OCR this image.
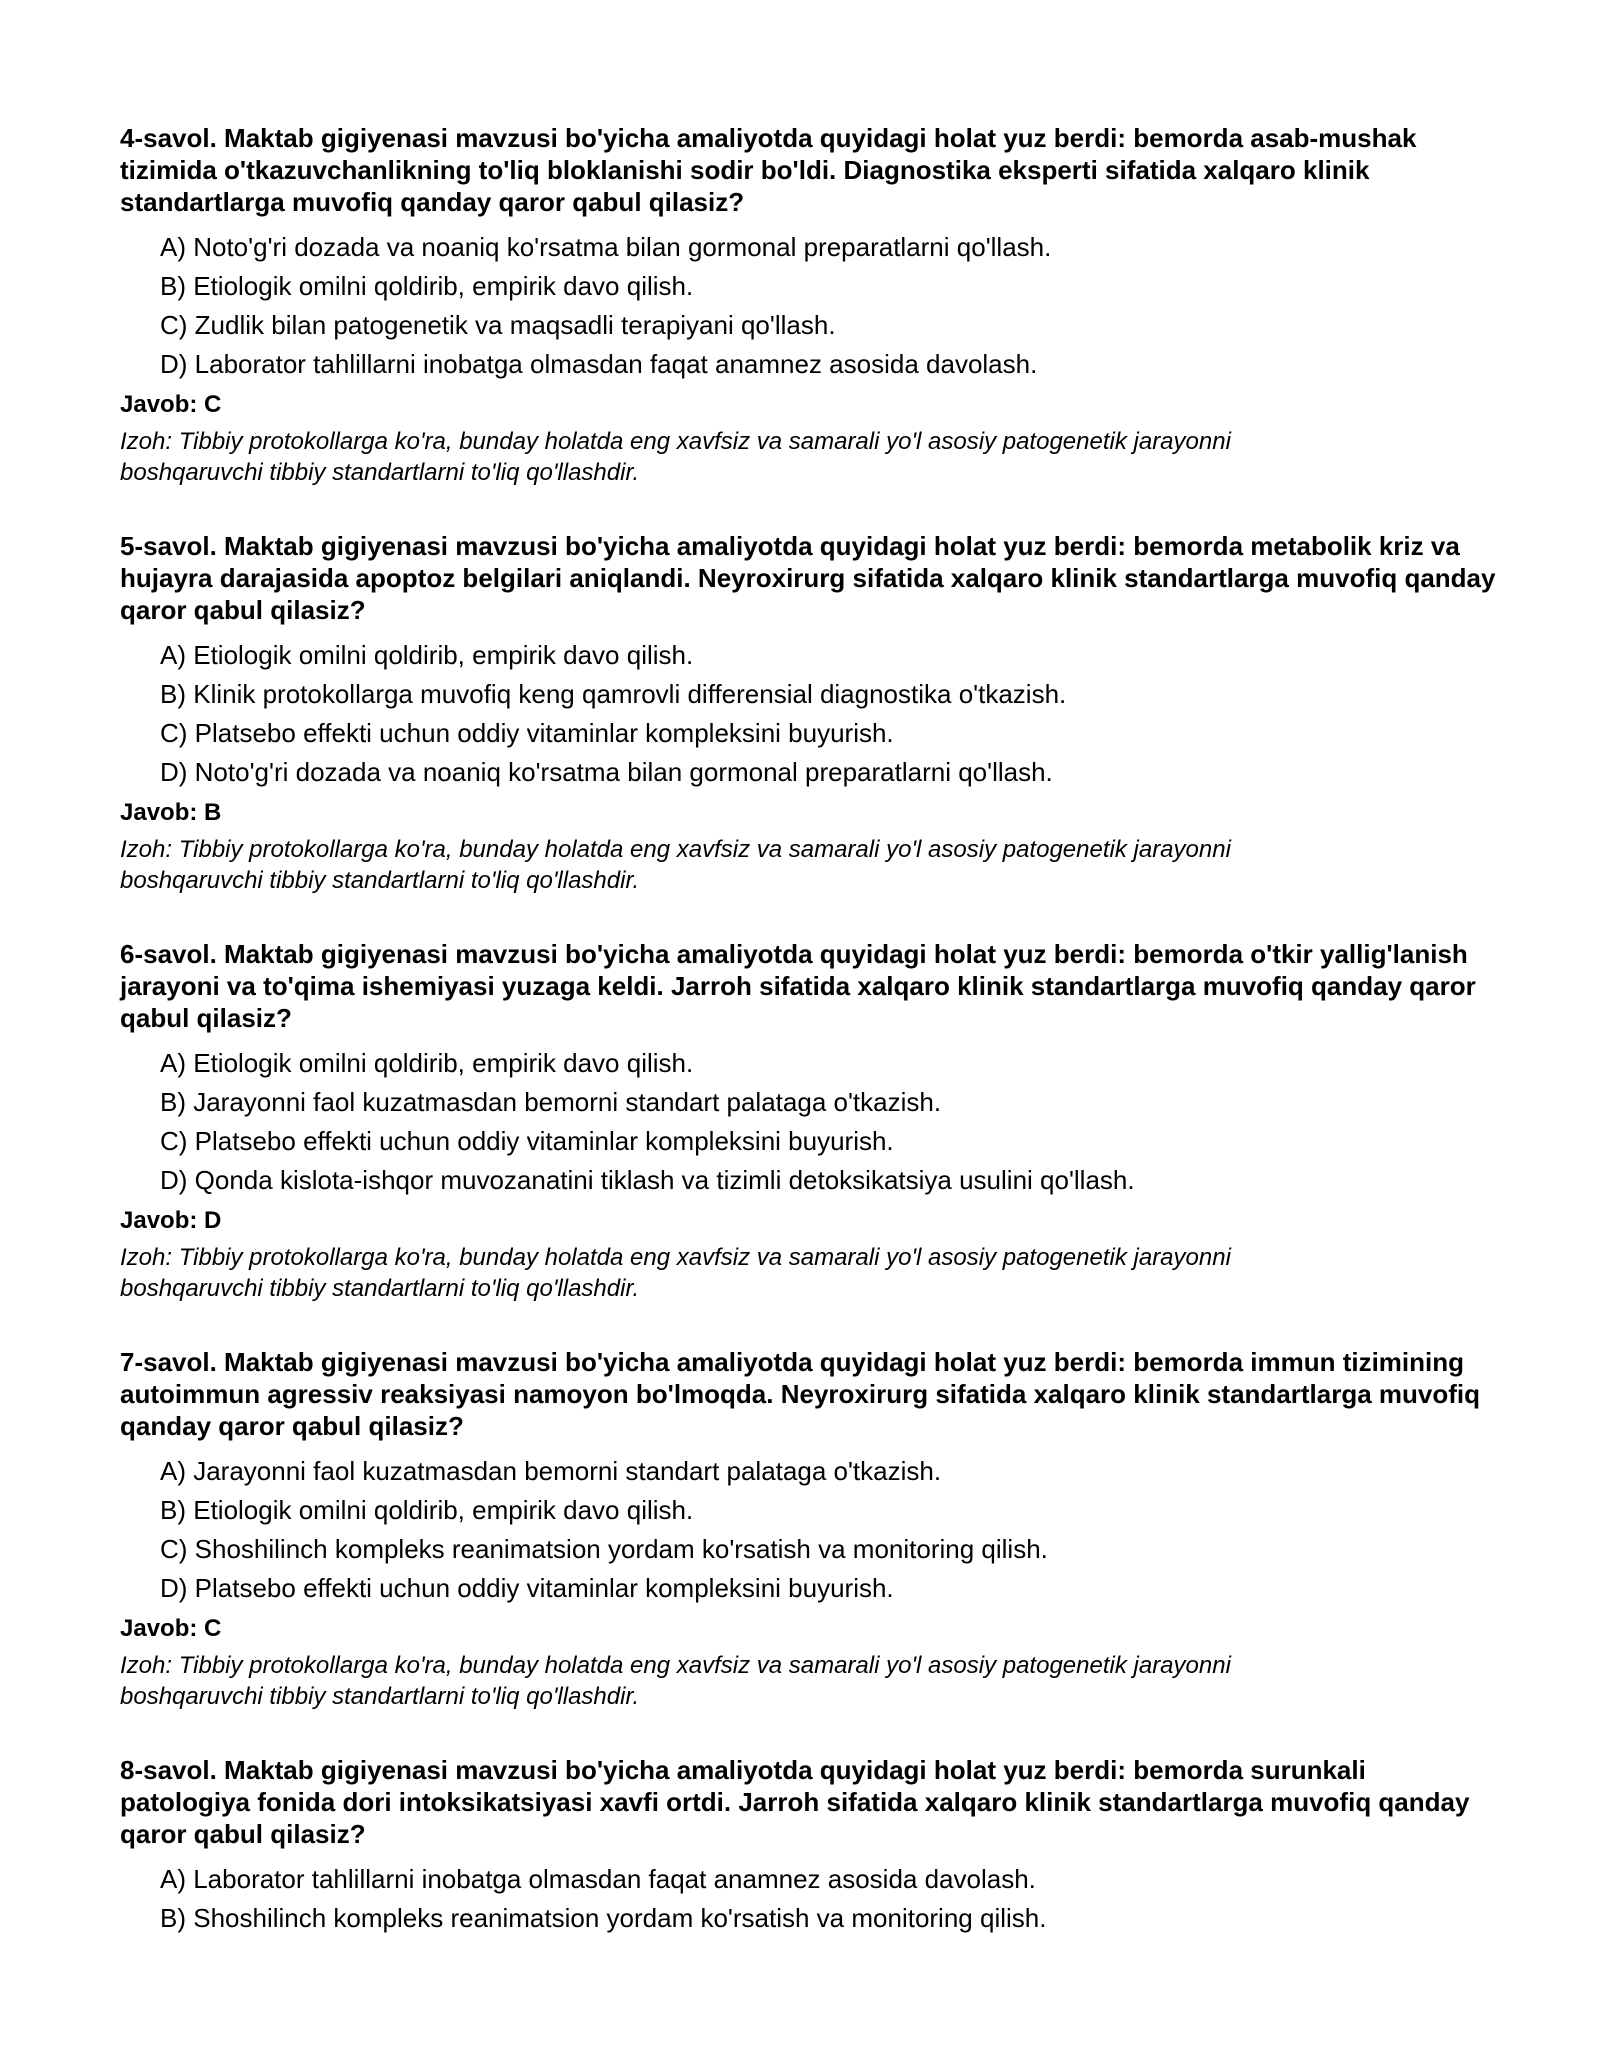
4-savol. Maktab gigiyenasi mavzusi bo'yicha amaliyotda quyidagi holat yuz berdi: bemorda asab-mushak tizimida o'tkazuvchanlikning to'liq bloklanishi sodir bo'ldi. Diagnostika eksperti sifatida xalqaro klinik standartlarga muvofiq qanday qaror qabul qilasiz?

A) Noto'g'ri dozada va noaniq ko'rsatma bilan gormonal preparatlarni qo'llash.
B) Etiologik omilni qoldirib, empirik davo qilish.
C) Zudlik bilan patogenetik va maqsadli terapiyani qo'llash.
D) Laborator tahlillarni inobatga olmasdan faqat anamnez asosida davolash.
Javob: C
Izoh: Tibbiy protokollarga ko'ra, bunday holatda eng xavfsiz va samarali yo'l asosiy patogenetik jarayonni boshqaruvchi tibbiy standartlarni to'liq qo'llashdir.

5-savol. Maktab gigiyenasi mavzusi bo'yicha amaliyotda quyidagi holat yuz berdi: bemorda metabolik kriz va hujayra darajasida apoptoz belgilari aniqlandi. Neyroxirurg sifatida xalqaro klinik standartlarga muvofiq qanday qaror qabul qilasiz?

A) Etiologik omilni qoldirib, empirik davo qilish.
B) Klinik protokollarga muvofiq keng qamrovli differensial diagnostika o'tkazish.
C) Platsebo effekti uchun oddiy vitaminlar kompleksini buyurish.
D) Noto'g'ri dozada va noaniq ko'rsatma bilan gormonal preparatlarni qo'llash.
Javob: B
Izoh: Tibbiy protokollarga ko'ra, bunday holatda eng xavfsiz va samarali yo'l asosiy patogenetik jarayonni boshqaruvchi tibbiy standartlarni to'liq qo'llashdir.

6-savol. Maktab gigiyenasi mavzusi bo'yicha amaliyotda quyidagi holat yuz berdi: bemorda o'tkir yallig'lanish jarayoni va to'qima ishemiyasi yuzaga keldi. Jarroh sifatida xalqaro klinik standartlarga muvofiq qanday qaror qabul qilasiz?

A) Etiologik omilni qoldirib, empirik davo qilish.
B) Jarayonni faol kuzatmasdan bemorni standart palataga o'tkazish.
C) Platsebo effekti uchun oddiy vitaminlar kompleksini buyurish.
D) Qonda kislota-ishqor muvozanatini tiklash va tizimli detoksikatsiya usulini qo'llash.
Javob: D
Izoh: Tibbiy protokollarga ko'ra, bunday holatda eng xavfsiz va samarali yo'l asosiy patogenetik jarayonni boshqaruvchi tibbiy standartlarni to'liq qo'llashdir.

7-savol. Maktab gigiyenasi mavzusi bo'yicha amaliyotda quyidagi holat yuz berdi: bemorda immun tizimining autoimmun agressiv reaksiyasi namoyon bo'lmoqda. Neyroxirurg sifatida xalqaro klinik standartlarga muvofiq qanday qaror qabul qilasiz?

A) Jarayonni faol kuzatmasdan bemorni standart palataga o'tkazish.
B) Etiologik omilni qoldirib, empirik davo qilish.
C) Shoshilinch kompleks reanimatsion yordam ko'rsatish va monitoring qilish.
D) Platsebo effekti uchun oddiy vitaminlar kompleksini buyurish.
Javob: C
Izoh: Tibbiy protokollarga ko'ra, bunday holatda eng xavfsiz va samarali yo'l asosiy patogenetik jarayonni boshqaruvchi tibbiy standartlarni to'liq qo'llashdir.

8-savol. Maktab gigiyenasi mavzusi bo'yicha amaliyotda quyidagi holat yuz berdi: bemorda surunkali patologiya fonida dori intoksikatsiyasi xavfi ortdi. Jarroh sifatida xalqaro klinik standartlarga muvofiq qanday qaror qabul qilasiz?

A) Laborator tahlillarni inobatga olmasdan faqat anamnez asosida davolash.
B) Shoshilinch kompleks reanimatsion yordam ko'rsatish va monitoring qilish.
